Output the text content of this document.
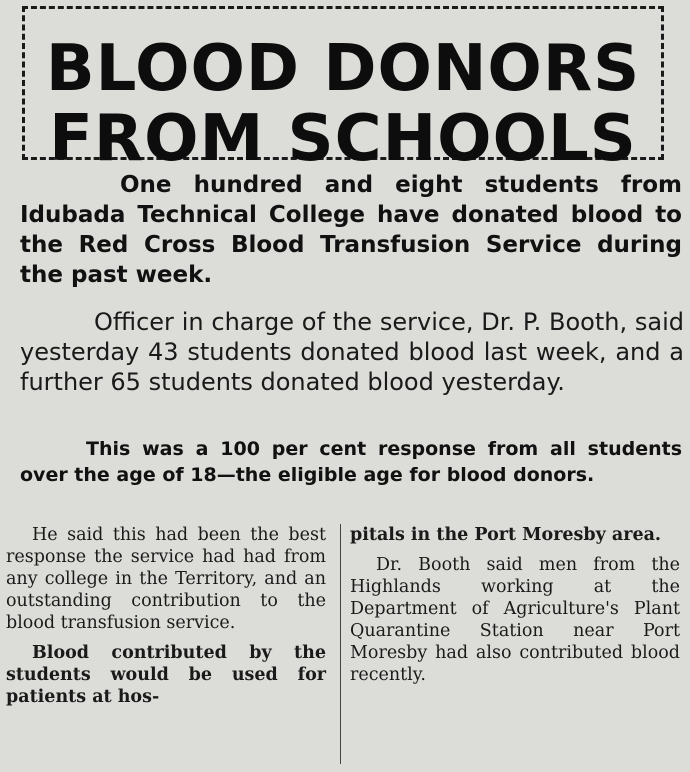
BLOOD DONORS
FROM SCHOOLS
One hundred and eight students from Idubada Technical College have donated blood to the Red Cross Blood Transfusion Service during the past week.
Officer in charge of the service, Dr. P. Booth, said yesterday 43 students donated blood last week, and a further 65 students donated blood yesterday.
This was a 100 per cent response from all students over the age of 18—the eligible age for blood donors.

He said this had been the best response the service had had from any college in the Territory, and an outstanding contribution to the blood transfusion service.

Blood contributed by the students would be used for patients at hos-

pitals in the Port Moresby area.

Dr. Booth said men from the Highlands working at the Department of Agriculture's Plant Quarantine Station near Port Moresby had also contributed blood recently.
